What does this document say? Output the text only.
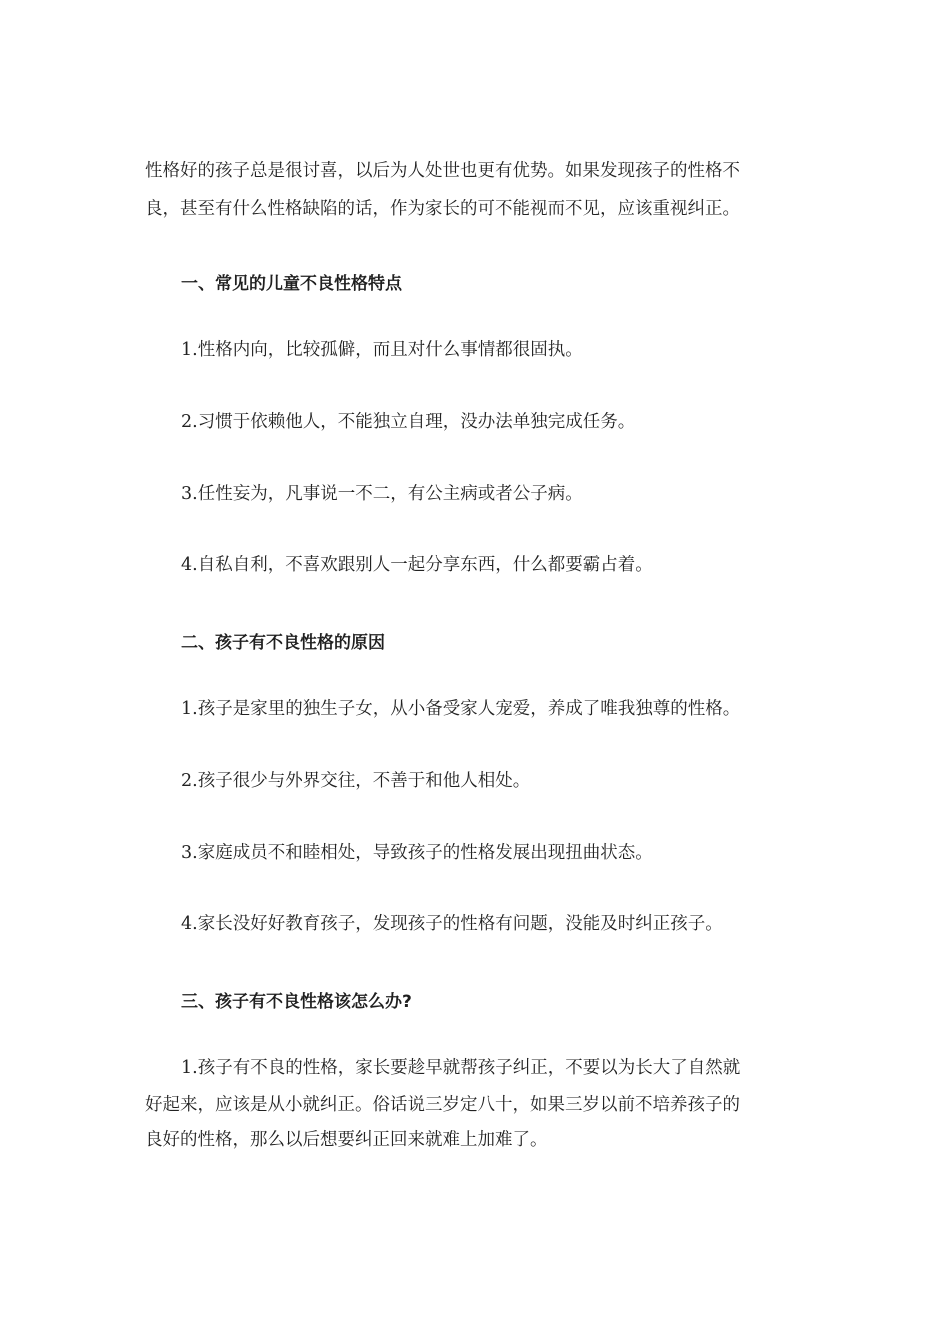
性格好的孩子总是很讨喜，以后为人处世也更有优势。如果发现孩子的性格不
良，甚至有什么性格缺陷的话，作为家长的可不能视而不见，应该重视纠正。
一、常见的儿童不良性格特点
1.性格内向，比较孤僻，而且对什么事情都很固执。
2.习惯于依赖他人，不能独立自理，没办法单独完成任务。
3.任性妄为，凡事说一不二，有公主病或者公子病。
4.自私自利，不喜欢跟别人一起分享东西，什么都要霸占着。
二、孩子有不良性格的原因
1.孩子是家里的独生子女，从小备受家人宠爱，养成了唯我独尊的性格。
2.孩子很少与外界交往，不善于和他人相处。
3.家庭成员不和睦相处，导致孩子的性格发展出现扭曲状态。
4.家长没好好教育孩子，发现孩子的性格有问题，没能及时纠正孩子。
三、孩子有不良性格该怎么办?
1.孩子有不良的性格，家长要趁早就帮孩子纠正，不要以为长大了自然就
好起来，应该是从小就纠正。俗话说三岁定八十，如果三岁以前不培养孩子的
良好的性格，那么以后想要纠正回来就难上加难了。
